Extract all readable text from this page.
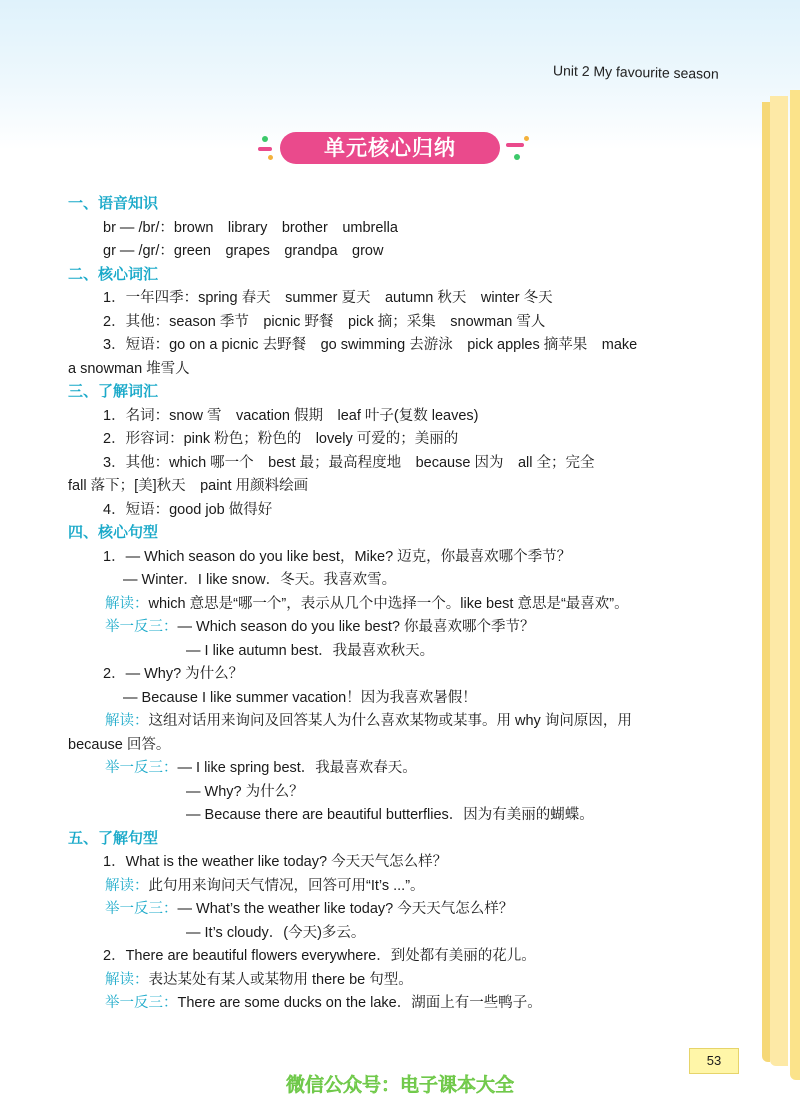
Unit 2 My favourite season
单元核心归纳
一、语音知识
br — /br/：brown　library　brother　umbrella
gr — /gr/：green　grapes　grandpa　grow
二、核心词汇
1．一年四季：spring 春天　summer 夏天　autumn 秋天　winter 冬天
2．其他：season 季节　picnic 野餐　pick 摘；采集　snowman 雪人
3．短语：go on a picnic 去野餐　go swimming 去游泳　pick apples 摘苹果　make
a snowman 堆雪人
三、了解词汇
1．名词：snow 雪　vacation 假期　leaf 叶子(复数 leaves)
2．形容词：pink 粉色；粉色的　lovely 可爱的；美丽的
3．其他：which 哪一个　best 最；最高程度地　because 因为　all 全；完全
fall 落下；[美]秋天　paint 用颜料绘画
4．短语：good job 做得好
四、核心句型
1．— Which season do you like best，Mike? 迈克，你最喜欢哪个季节？
— Winter．I like snow．冬天。我喜欢雪。
解读：which 意思是“哪一个”，表示从几个中选择一个。like best 意思是“最喜欢”。
举一反三：— Which season do you like best? 你最喜欢哪个季节？
— I like autumn best．我最喜欢秋天。
2．— Why? 为什么？
— Because I like summer vacation！因为我喜欢暑假！
解读：这组对话用来询问及回答某人为什么喜欢某物或某事。用 why 询问原因，用
because 回答。
举一反三：— I like spring best．我最喜欢春天。
— Why? 为什么？
— Because there are beautiful butterflies．因为有美丽的蝴蝶。
五、了解句型
1．What is the weather like today? 今天天气怎么样？
解读：此句用来询问天气情况，回答可用“It’s ...”。
举一反三：— What’s the weather like today? 今天天气怎么样？
— It’s cloudy．(今天)多云。
2．There are beautiful flowers everywhere．到处都有美丽的花儿。
解读：表达某处有某人或某物用 there be 句型。
举一反三：There are some ducks on the lake．湖面上有一些鸭子。
53
微信公众号：电子课本大全
